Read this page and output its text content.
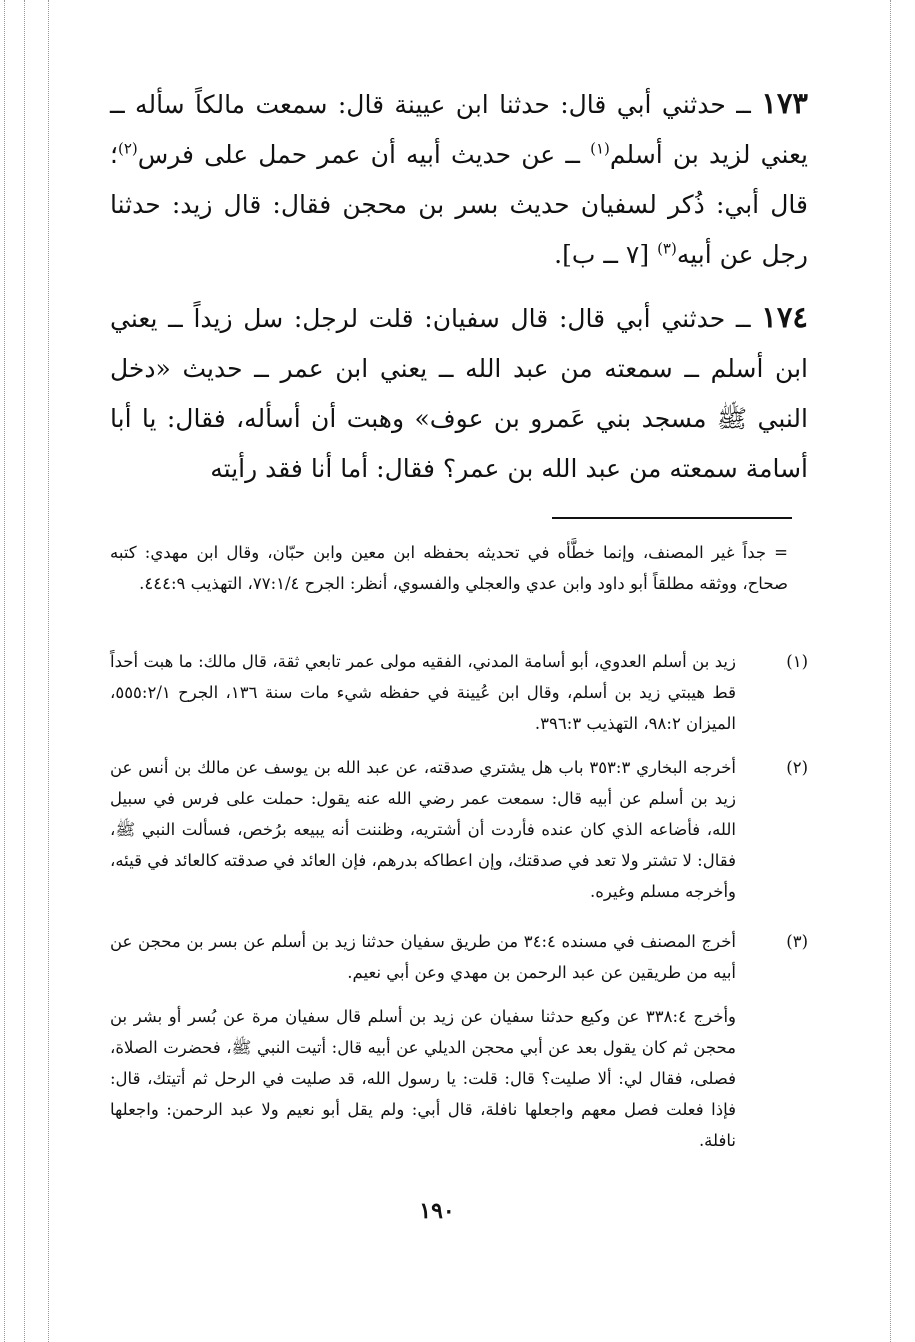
١٧٣ ــ حدثني أبي قال: حدثنا ابن عيينة قال: سمعت مالكاً سأله ــ يعني لزيد بن أسلم$^{(١)}$ ــ عن حديث أبيه أن عمر حمل على فرس$^{(٢)}$؛ قال أبي: ذُكر لسفيان حديث بسر بن محجن فقال: قال زيد: حدثنا رجل عن أبيه$^{(٣)}$ [٧ ــ ب].

١٧٤ ــ حدثني أبي قال: قال سفيان: قلت لرجل: سل زيداً ــ يعني ابن أسلم ــ سمعته من عبد الله ــ يعني ابن عمر ــ حديث «دخل النبي ﷺ مسجد بني عَمرو بن عوف» وهبت أن أسأله، فقال: يا أبا أسامة سمعته من عبد الله بن عمر؟ فقال: أما أنا فقد رأيته

= جداً غير المصنف، وإنما خطَّأه في تحديثه بحفظه ابن معين وابن حبّان، وقال ابن مهدي: كتبه صحاح، ووثقه مطلقاً أبو داود وابن عدي والعجلي والفسوي، أنظر: الجرح ٧٧:١/٤، التهذيب ٤٤٤:٩.
(١)
زيد بن أسلم العدوي، أبو أسامة المدني، الفقيه مولى عمر تابعي ثقة، قال مالك: ما هبت أحداً قط هيبتي زيد بن أسلم، وقال ابن عُيينة في حفظه شيء مات سنة ١٣٦، الجرح ٥٥٥:٢/١، الميزان ٩٨:٢، التهذيب ٣٩٦:٣.
(٢)
أخرجه البخاري ٣٥٣:٣ باب هل يشتري صدقته، عن عبد الله بن يوسف عن مالك بن أنس عن زيد بن أسلم عن أبيه قال: سمعت عمر رضي الله عنه يقول: حملت على فرس في سبيل الله، فأضاعه الذي كان عنده فأردت أن أشتريه، وظننت أنه يبيعه برُخص، فسألت النبي ﷺ، فقال: لا تشتر ولا تعد في صدقتك، وإن اعطاكه بدرهم، فإن العائد في صدقته كالعائد في قيئه، وأخرجه مسلم وغيره.
(٣)
أخرج المصنف في مسنده ٣٤:٤ من طريق سفيان حدثنا زيد بن أسلم عن بسر بن محجن عن أبيه من طريقين عن عبد الرحمن بن مهدي وعن أبي نعيم.
وأخرج ٣٣٨:٤ عن وكيع حدثنا سفيان عن زيد بن أسلم قال سفيان مرة عن بُسر أو بشر بن محجن ثم كان يقول بعد عن أبي محجن الديلي عن أبيه قال: أتيت النبي ﷺ، فحضرت الصلاة، فصلى، فقال لي: ألا صليت؟ قال: قلت: يا رسول الله، قد صليت في الرحل ثم أتيتك، قال: فإذا فعلت فصل معهم واجعلها نافلة، قال أبي: ولم يقل أبو نعيم ولا عبد الرحمن: واجعلها نافلة.
١٩٠
